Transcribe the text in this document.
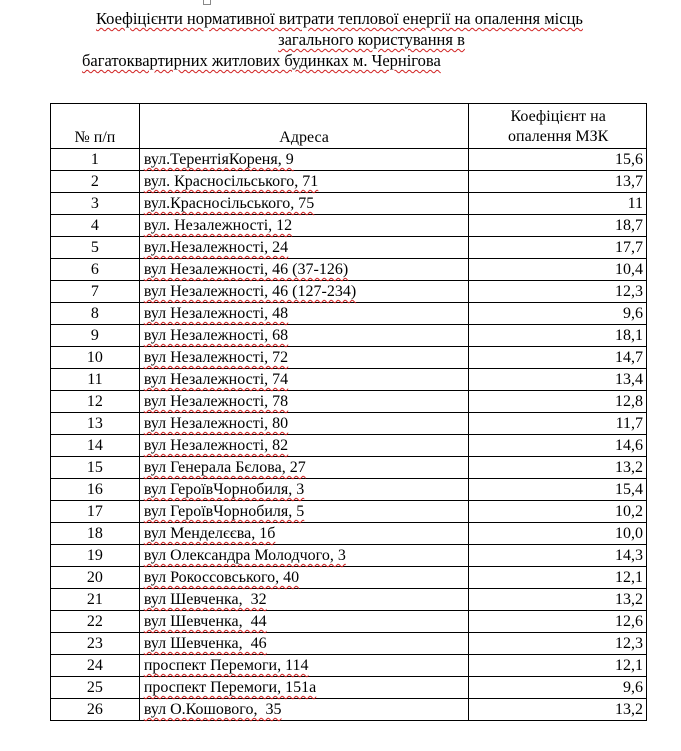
Коефіцієнти нормативної витрати теплової енергії на опалення місць
загального користування в
багатоквартирних житлових будинках м. Чернігова
№ п/п	Адреса	Коефіцієнт на
опалення МЗК
1	вул.ТерентіяКореня, 9	15,6
2	вул. Красносільського, 71	13,7
3	вул.Красносільського, 75	11
4	вул. Незалежності, 12	18,7
5	вул.Незалежності, 24	17,7
6	вул Незалежності, 46 (37-126)	10,4
7	вул Незалежності, 46 (127-234)	12,3
8	вул Незалежності, 48	9,6
9	вул Незалежності, 68	18,1
10	вул Незалежності, 72	14,7
11	вул Незалежності, 74	13,4
12	вул Незалежності, 78	12,8
13	вул Незалежності, 80	11,7
14	вул Незалежності, 82	14,6
15	вул Генерала Бєлова, 27	13,2
16	вул ГероївЧорнобиля, 3	15,4
17	вул ГероївЧорнобиля, 5	10,2
18	вул Менделєєва, 1б	10,0
19	вул Олександра Молодчого, 3	14,3
20	вул Рокоссовського, 40	12,1
21	вул Шевченка,  32	13,2
22	вул Шевченка,  44	12,6
23	вул Шевченка,  46	12,3
24	проспект Перемоги, 114	12,1
25	проспект Перемоги, 151а	9,6
26	вул О.Кошового,  35	13,2
